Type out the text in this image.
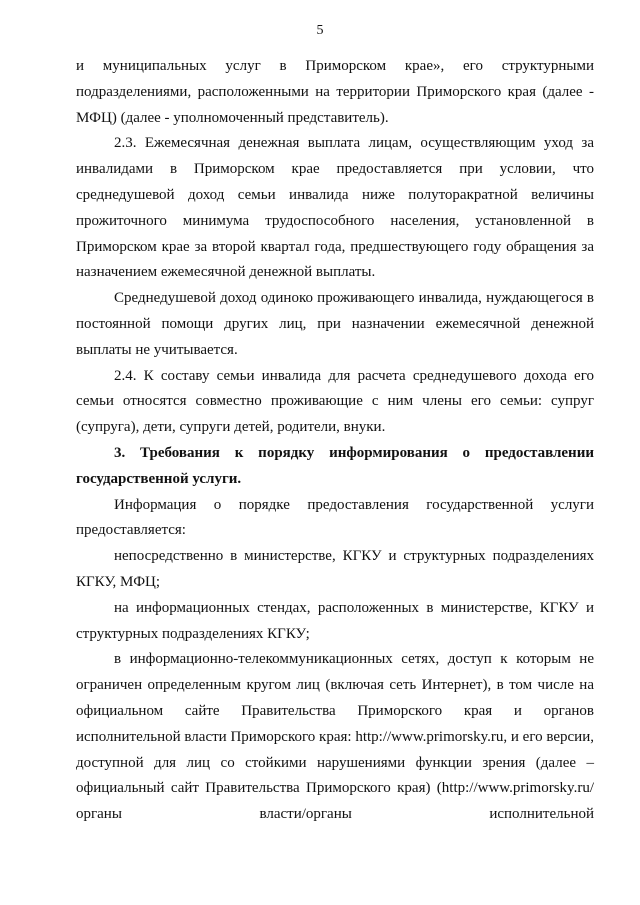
5

и муниципальных услуг в Приморском крае», его структурными подразделениями, расположенными на территории Приморского края (далее - МФЦ) (далее - уполномоченный представитель).

2.3. Ежемесячная денежная выплата лицам, осуществляющим уход за инвалидами в Приморском крае предоставляется при условии, что среднедушевой доход семьи инвалида ниже полуторакратной величины прожиточного минимума трудоспособного населения, установленной в Приморском крае за второй квартал года, предшествующего году обращения за назначением ежемесячной денежной выплаты.

Среднедушевой доход одиноко проживающего инвалида, нуждающегося в постоянной помощи других лиц, при назначении ежемесячной денежной выплаты не учитывается.

2.4. К составу семьи инвалида для расчета среднедушевого дохода его семьи относятся совместно проживающие с ним члены его семьи: супруг (супруга), дети, супруги детей, родители, внуки.

3. Требования к порядку информирования о предоставлении государственной услуги.

Информация о порядке предоставления государственной услуги предоставляется:

непосредственно в министерстве, КГКУ и структурных подразделениях КГКУ, МФЦ;

на информационных стендах, расположенных в министерстве, КГКУ и структурных подразделениях КГКУ;

в информационно-телекоммуникационных сетях, доступ к которым не ограничен определенным кругом лиц (включая сеть Интернет), в том числе на официальном сайте Правительства Приморского края и органов исполнительной власти Приморского края: http://www.primorsky.ru, и его версии, доступной для лиц со стойкими нарушениями функции зрения (далее – официальный сайт Правительства Приморского края) (http://www.primorsky.ru/органы власти/органы исполнительной
